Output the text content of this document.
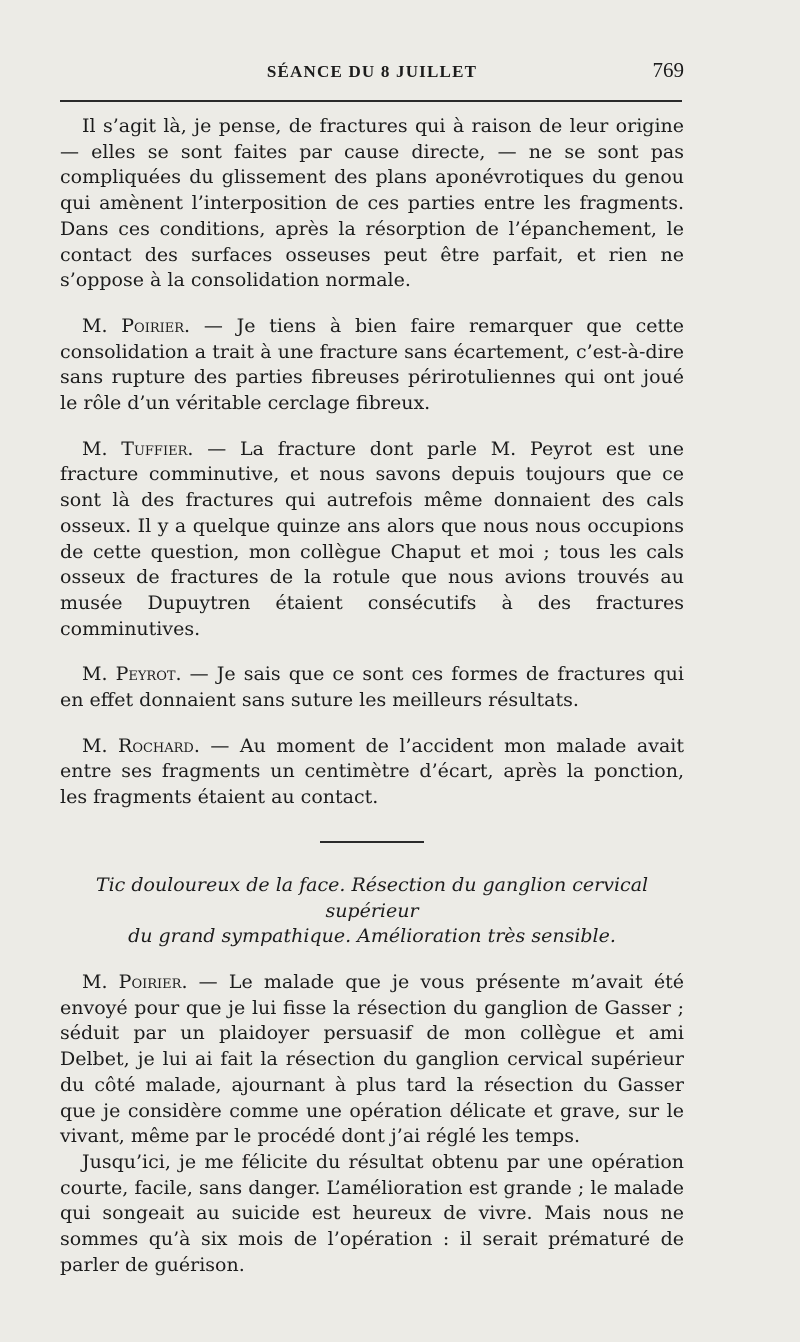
SÉANCE DU 8 JUILLET	769

Il s’agit là, je pense, de fractures qui à raison de leur origine — elles se sont faites par cause directe, — ne se sont pas compliquées du glissement des plans aponévrotiques du genou qui amènent l’interposition de ces parties entre les fragments. Dans ces conditions, après la résorption de l’épanchement, le contact des surfaces osseuses peut être parfait, et rien ne s’oppose à la consolidation normale.

M. Poirier. — Je tiens à bien faire remarquer que cette consolidation a trait à une fracture sans écartement, c’est-à-dire sans rupture des parties fibreuses périrotuliennes qui ont joué le rôle d’un véritable cerclage fibreux.

M. Tuffier. — La fracture dont parle M. Peyrot est une fracture comminutive, et nous savons depuis toujours que ce sont là des fractures qui autrefois même donnaient des cals osseux. Il y a quelque quinze ans alors que nous nous occupions de cette question, mon collègue Chaput et moi ; tous les cals osseux de fractures de la rotule que nous avions trouvés au musée Dupuytren étaient consécutifs à des fractures comminutives.

M. Peyrot. — Je sais que ce sont ces formes de fractures qui en effet donnaient sans suture les meilleurs résultats.

M. Rochard. — Au moment de l’accident mon malade avait entre ses fragments un centimètre d’écart, après la ponction, les fragments étaient au contact.

Tic douloureux de la face. Résection du ganglion cervical supérieur
du grand sympathique. Amélioration très sensible.

M. Poirier. — Le malade que je vous présente m’avait été envoyé pour que je lui fisse la résection du ganglion de Gasser ; séduit par un plaidoyer persuasif de mon collègue et ami Delbet, je lui ai fait la résection du ganglion cervical supérieur du côté malade, ajournant à plus tard la résection du Gasser que je considère comme une opération délicate et grave, sur le vivant, même par le procédé dont j’ai réglé les temps.

Jusqu’ici, je me félicite du résultat obtenu par une opération courte, facile, sans danger. L’amélioration est grande ; le malade qui songeait au suicide est heureux de vivre. Mais nous ne sommes qu’à six mois de l’opération : il serait prématuré de parler de guérison.
